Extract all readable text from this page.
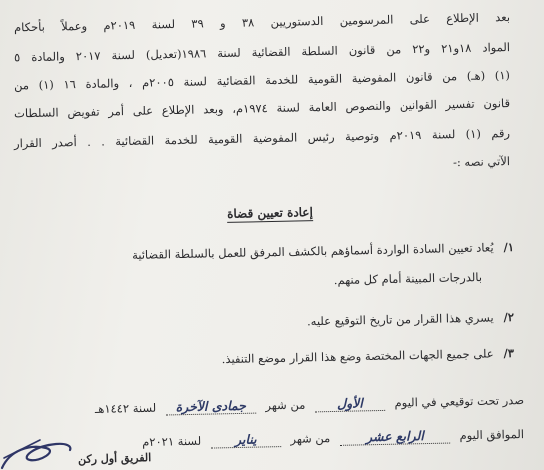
بعد الإطلاع على المرسومين الدستوريين ٣٨ و ٣٩ لسنة ٢٠١٩م وعملاً بأحكام
المواد ١٨و٢١ و٢٢ من قانون السلطة القضائية لسنة ١٩٨٦(تعديل) لسنة ٢٠١٧ والمادة ٥
(١) (هـ) من قانون المفوضية القومية للخدمة القضائية لسنة ٢٠٠٥م ، والمادة ١٦ (١) من
قانون تفسير القوانين والنصوص العامة لسنة ١٩٧٤م، وبعد الإطلاع على أمر تفويض السلطات
رقم (١) لسنة ٢٠١٩م وتوصية رئيس المفوضية القومية للخدمة القضائية . . أصدر القرار
الآتي نصه :-
إعادة تعيين قضاة
١/يُعاد تعيين السادة الواردة أسماؤهم بالكشف المرفق للعمل بالسلطة القضائية
بالدرجات المبينة أمام كل منهم.
٢/يسري هذا القرار من تاريخ التوقيع عليه.
٣/على جميع الجهات المختصة وضع هذا القرار موضع التنفيذ.
صدر تحت توقيعي في اليوم الأول من شهر جمادى الآخرة لسنة ١٤٤٢هـ
الموافق اليوم الرابع عشر من شهر يناير لسنة ٢٠٢١م
الفريق أول ركن
